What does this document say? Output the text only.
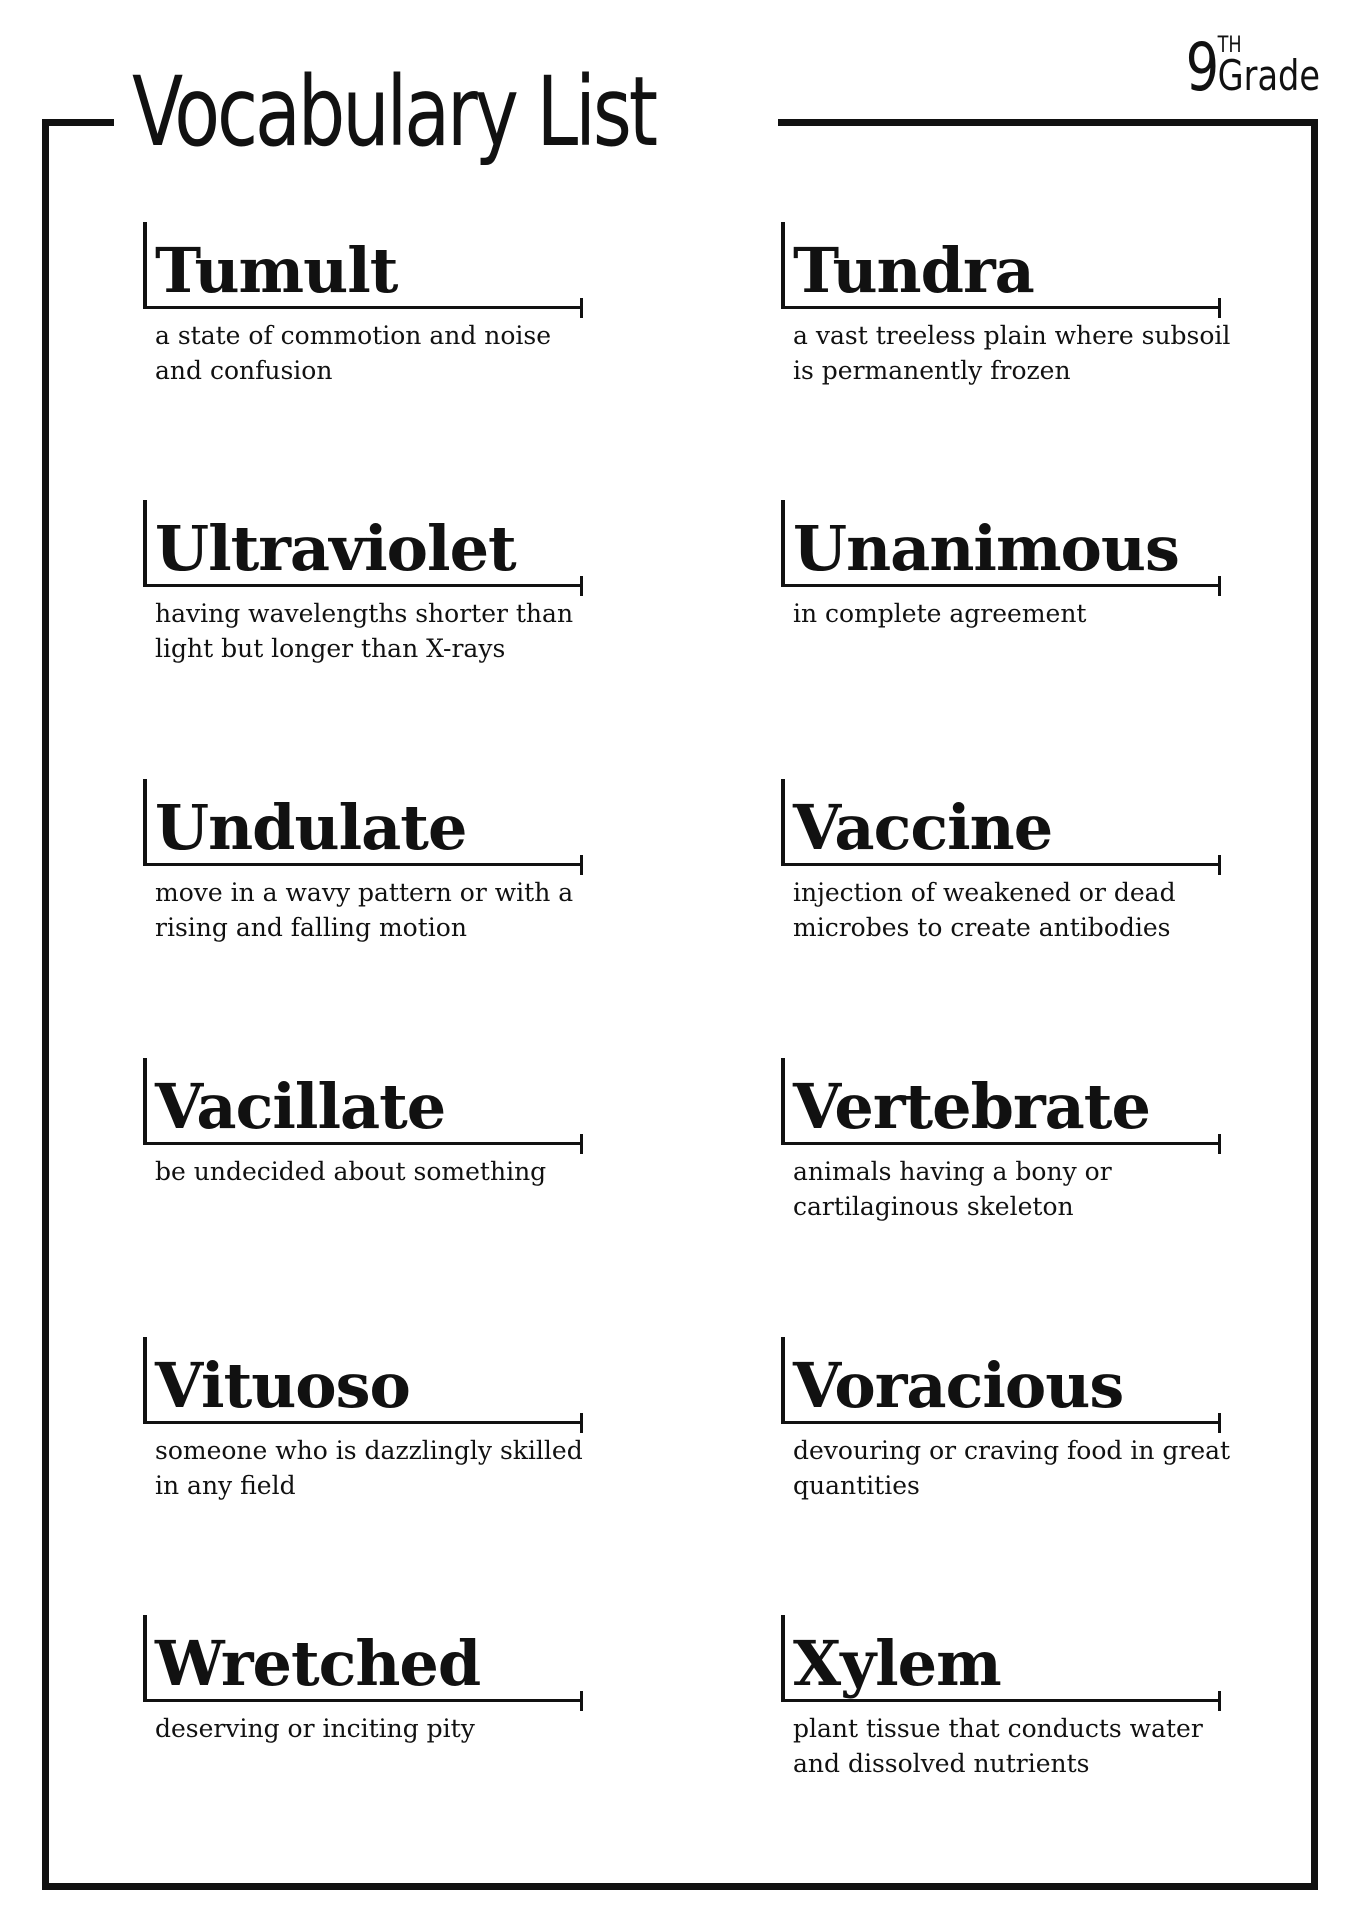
Vocabulary List	9THGrade
Tumult
a state of commotion and noise and confusion
Tundra
a vast treeless plain where subsoil is permanently frozen
Ultraviolet
having wavelengths shorter than light but longer than X-rays
Unanimous
in complete agreement
Undulate
move in a wavy pattern or with a rising and falling motion
Vaccine
injection of weakened or dead microbes to create antibodies
Vacillate
be undecided about something
Vertebrate
animals having a bony or cartilaginous skeleton
Vituoso
someone who is dazzlingly skilled in any field
Voracious
devouring or craving food in great quantities
Wretched
deserving or inciting pity
Xylem
plant tissue that conducts water and dissolved nutrients
